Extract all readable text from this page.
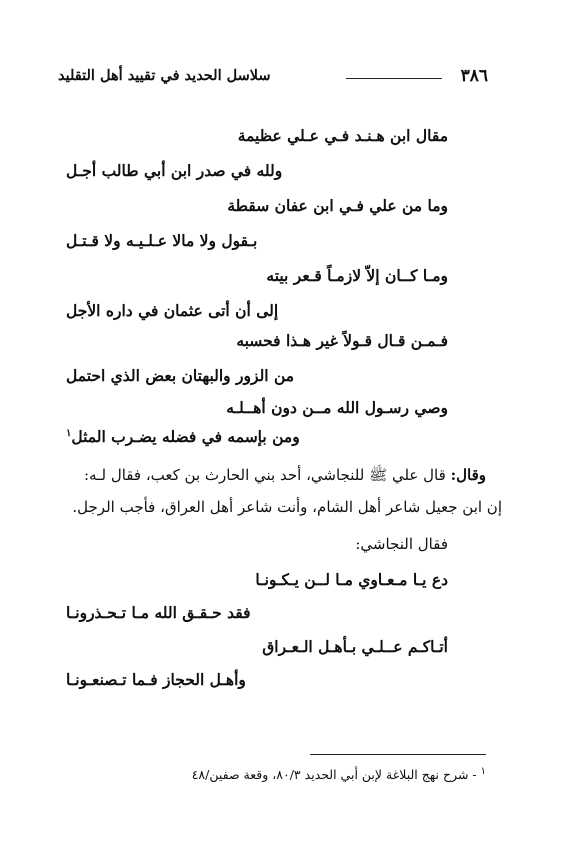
٣٨٦
سلاسل الحديد في تقييد أهل التقليد
مقال ابن هـنـد فـي عـلي عظيمة
ولله في صدر ابن أبي طالب أجـل
وما من علي فـي ابن عفان سقطة
بـقول ولا مالا عـلـيـه ولا قـتـل
ومـا كــان إلاّ لازمـاً قـعر بيته
إلى أن أتى عثمان في داره الأجل
فـمـن قـال قـولاً غير هـذا فحسبه
من الزور والبهتان بعض الذي احتمل
وصي رسـول الله مــن دون أهــلـه
ومن بإسمه في فضله يضـرب المثل$^١$
وقال: قال علي ﷺ للنجاشي، أحد بني الحارث بن كعب، فقال لـه:
إن ابن جعيل شاعر أهل الشام، وأنت شاعر أهل العراق، فأجب الرجل.
فقال النجاشي:
دع يـا مـعـاوي مـا لــن يـكـونـا
فقد حـقـق الله مـا تـحـذرونـا
أتـاكـم عــلـي بـأهـل الـعـراق
وأهـل الحجاز فـما تـصنعـونـا
$^١$ - شرح نهج البلاغة لإبن أبي الحديد ٨٠/٣، وقعة صفين/٤٨
